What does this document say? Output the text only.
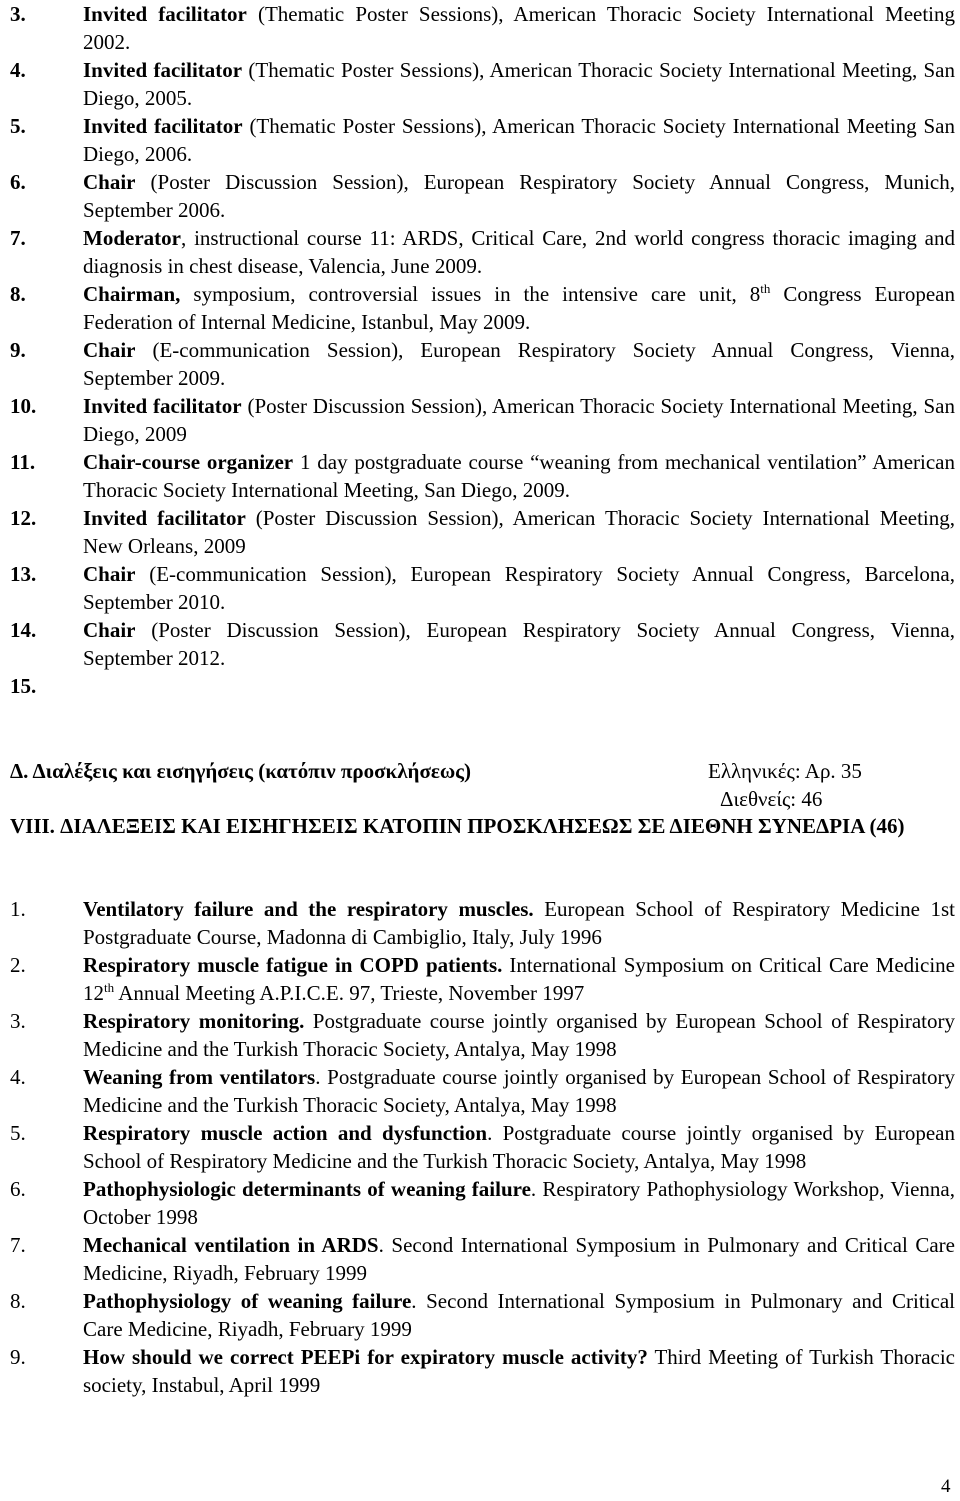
3.	Invited facilitator (Thematic Poster Sessions), American Thoracic Society International Meeting 2002.
4.	Invited facilitator (Thematic Poster Sessions), American Thoracic Society International Meeting, San Diego, 2005.
5.	Invited facilitator (Thematic Poster Sessions), American Thoracic Society International Meeting San Diego, 2006.
6.	Chair (Poster Discussion Session), European Respiratory Society Annual Congress, Munich, September 2006.
7.	Moderator, instructional course 11: ARDS, Critical Care, 2nd world congress thoracic imaging and diagnosis in chest disease, Valencia, June 2009.
8.	Chairman, symposium, controversial issues in the intensive care unit, 8th Congress European Federation of Internal Medicine, Istanbul, May 2009.
9.	Chair (E-communication Session), European Respiratory Society Annual Congress, Vienna, September 2009.
10. Invited facilitator (Poster Discussion Session), American Thoracic Society International Meeting, San Diego, 2009
11. Chair-course organizer 1 day postgraduate course “weaning from mechanical ventilation” American Thoracic Society International Meeting, San Diego, 2009.
12. Invited facilitator (Poster Discussion Session), American Thoracic Society International Meeting, New Orleans, 2009
13. Chair (E-communication Session), European Respiratory Society Annual Congress, Barcelona, September 2010.
14. Chair (Poster Discussion Session), European Respiratory Society Annual Congress, Vienna, September 2012.
15.
Δ. Διαλέξεις και εισηγήσεις (κατόπιν προσκλήσεως)	Ελληνικές: Αρ. 35
Διεθνείς: 46
VIII. ΔΙΑΛΕΞΕΙΣ ΚΑΙ ΕΙΣΗΓΗΣΕΙΣ ΚΑΤΟΠΙΝ ΠΡΟΣΚΛΗΣΕΩΣ ΣΕ ΔΙΕΘΝΗ ΣΥΝΕΔΡΙΑ (46)
1.	Ventilatory failure and the respiratory muscles. European School of Respiratory Medicine 1st Postgraduate Course, Madonna di Cambiglio, Italy, July 1996
2.	Respiratory muscle fatigue in COPD patients. International Symposium on Critical Care Medicine 12th Annual Meeting A.P.I.C.E. 97, Trieste, November 1997
3.	Respiratory monitoring. Postgraduate course jointly organised by European School of Respiratory Medicine and the Turkish Thoracic Society, Antalya, May 1998
4.	Weaning from ventilators. Postgraduate course jointly organised by European School of Respiratory Medicine and the Turkish Thoracic Society, Antalya, May 1998
5.	Respiratory muscle action and dysfunction. Postgraduate course jointly organised by European School of Respiratory Medicine and the Turkish Thoracic Society, Antalya, May 1998
6.	Pathophysiologic determinants of weaning failure. Respiratory Pathophysiology Workshop, Vienna, October 1998
7.	Mechanical ventilation in ARDS. Second International Symposium in Pulmonary and Critical Care Medicine, Riyadh, February 1999
8.	Pathophysiology of weaning failure. Second International Symposium in Pulmonary and Critical Care Medicine, Riyadh, February 1999
9.	How should we correct PEEPi for expiratory muscle activity? Third Meeting of Turkish Thoracic society, Instabul, April 1999
4
